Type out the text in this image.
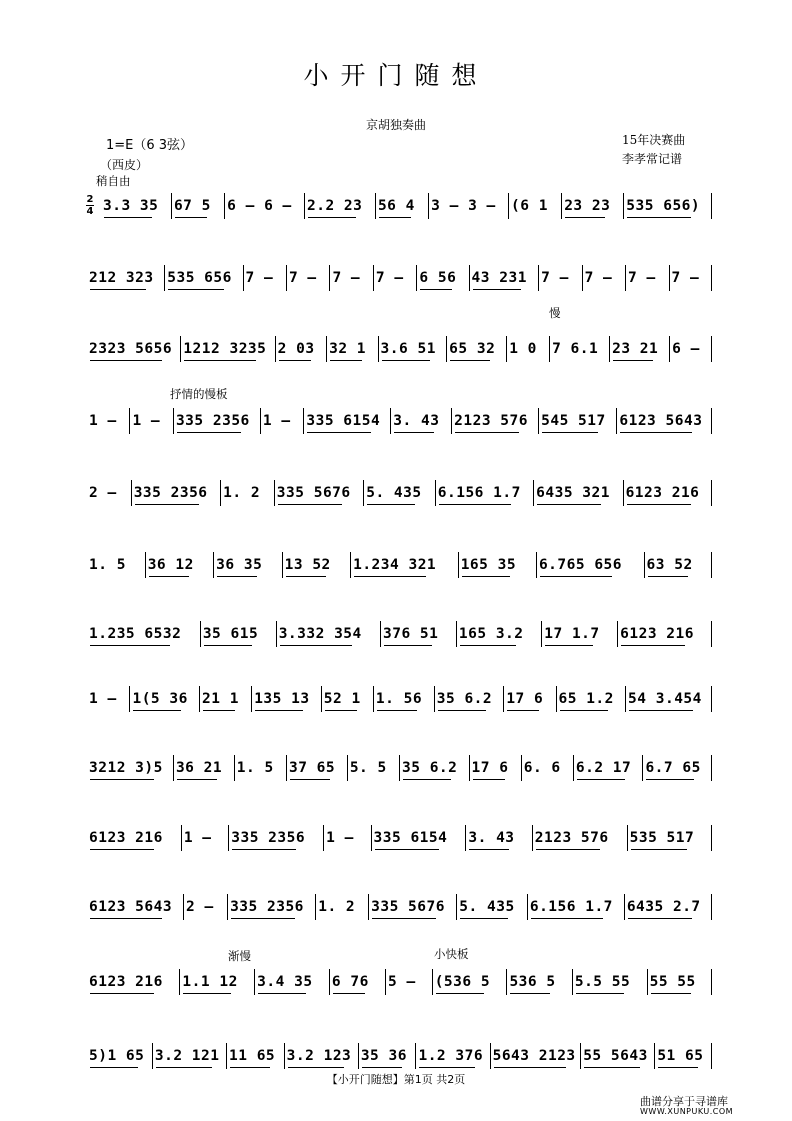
小开门随想
京胡独奏曲
1=E（6 3弦）
（西皮）
15年决赛曲
李孝常记谱
稍自由
慢
抒情的慢板
渐慢	小快板
2
4 3.3 35 67 5 6 – 6 – 2.2 23 56 4 3 – 3 – (6 1 23 23 535 656)
212 323 535 656 7 – 7 – 7 – 7 – 6 56 43 231 7 – 7 – 7 – 7 –
2323 5656 1212 3235 2 03 32 1 3.6 51 65 32 1 0 7 6.1 23 21 6 –
1 – 1 – 335 2356 1 – 335 6154 3. 43 2123 576 545 517 6123 5643
2 – 335 2356 1. 2 335 5676 5. 435 6.156 1.7 6435 321 6123 216
1. 5 36 12 36 35 13 52 1.234 321 165 35 6.765 656 63 52
1.235 6532 35 615 3.332 354 376 51 165 3.2 17 1.7 6123 216
1 – 1(5 36 21 1 135 13 52 1 1. 56 35 6.2 17 6 65 1.2 54 3.454
3212 3)5 36 21 1. 5 37 65 5. 5 35 6.2 17 6 6. 6 6.2 17 6.7 65
6123 216 1 – 335 2356 1 – 335 6154 3. 43 2123 576 535 517
6123 5643 2 – 335 2356 1. 2 335 5676 5. 435 6.156 1.7 6435 2.7
6123 216 1.1 12 3.4 35 6 76 5 – (536 5 536 5 5.5 55 55 55
5)1 65 3.2 121 11 65 3.2 123 35 36 1.2 376 5643 2123 55 5643 51 65
【小开门随想】第1页 共2页
曲谱分享于寻谱库
WWW.XUNPUKU.COM
